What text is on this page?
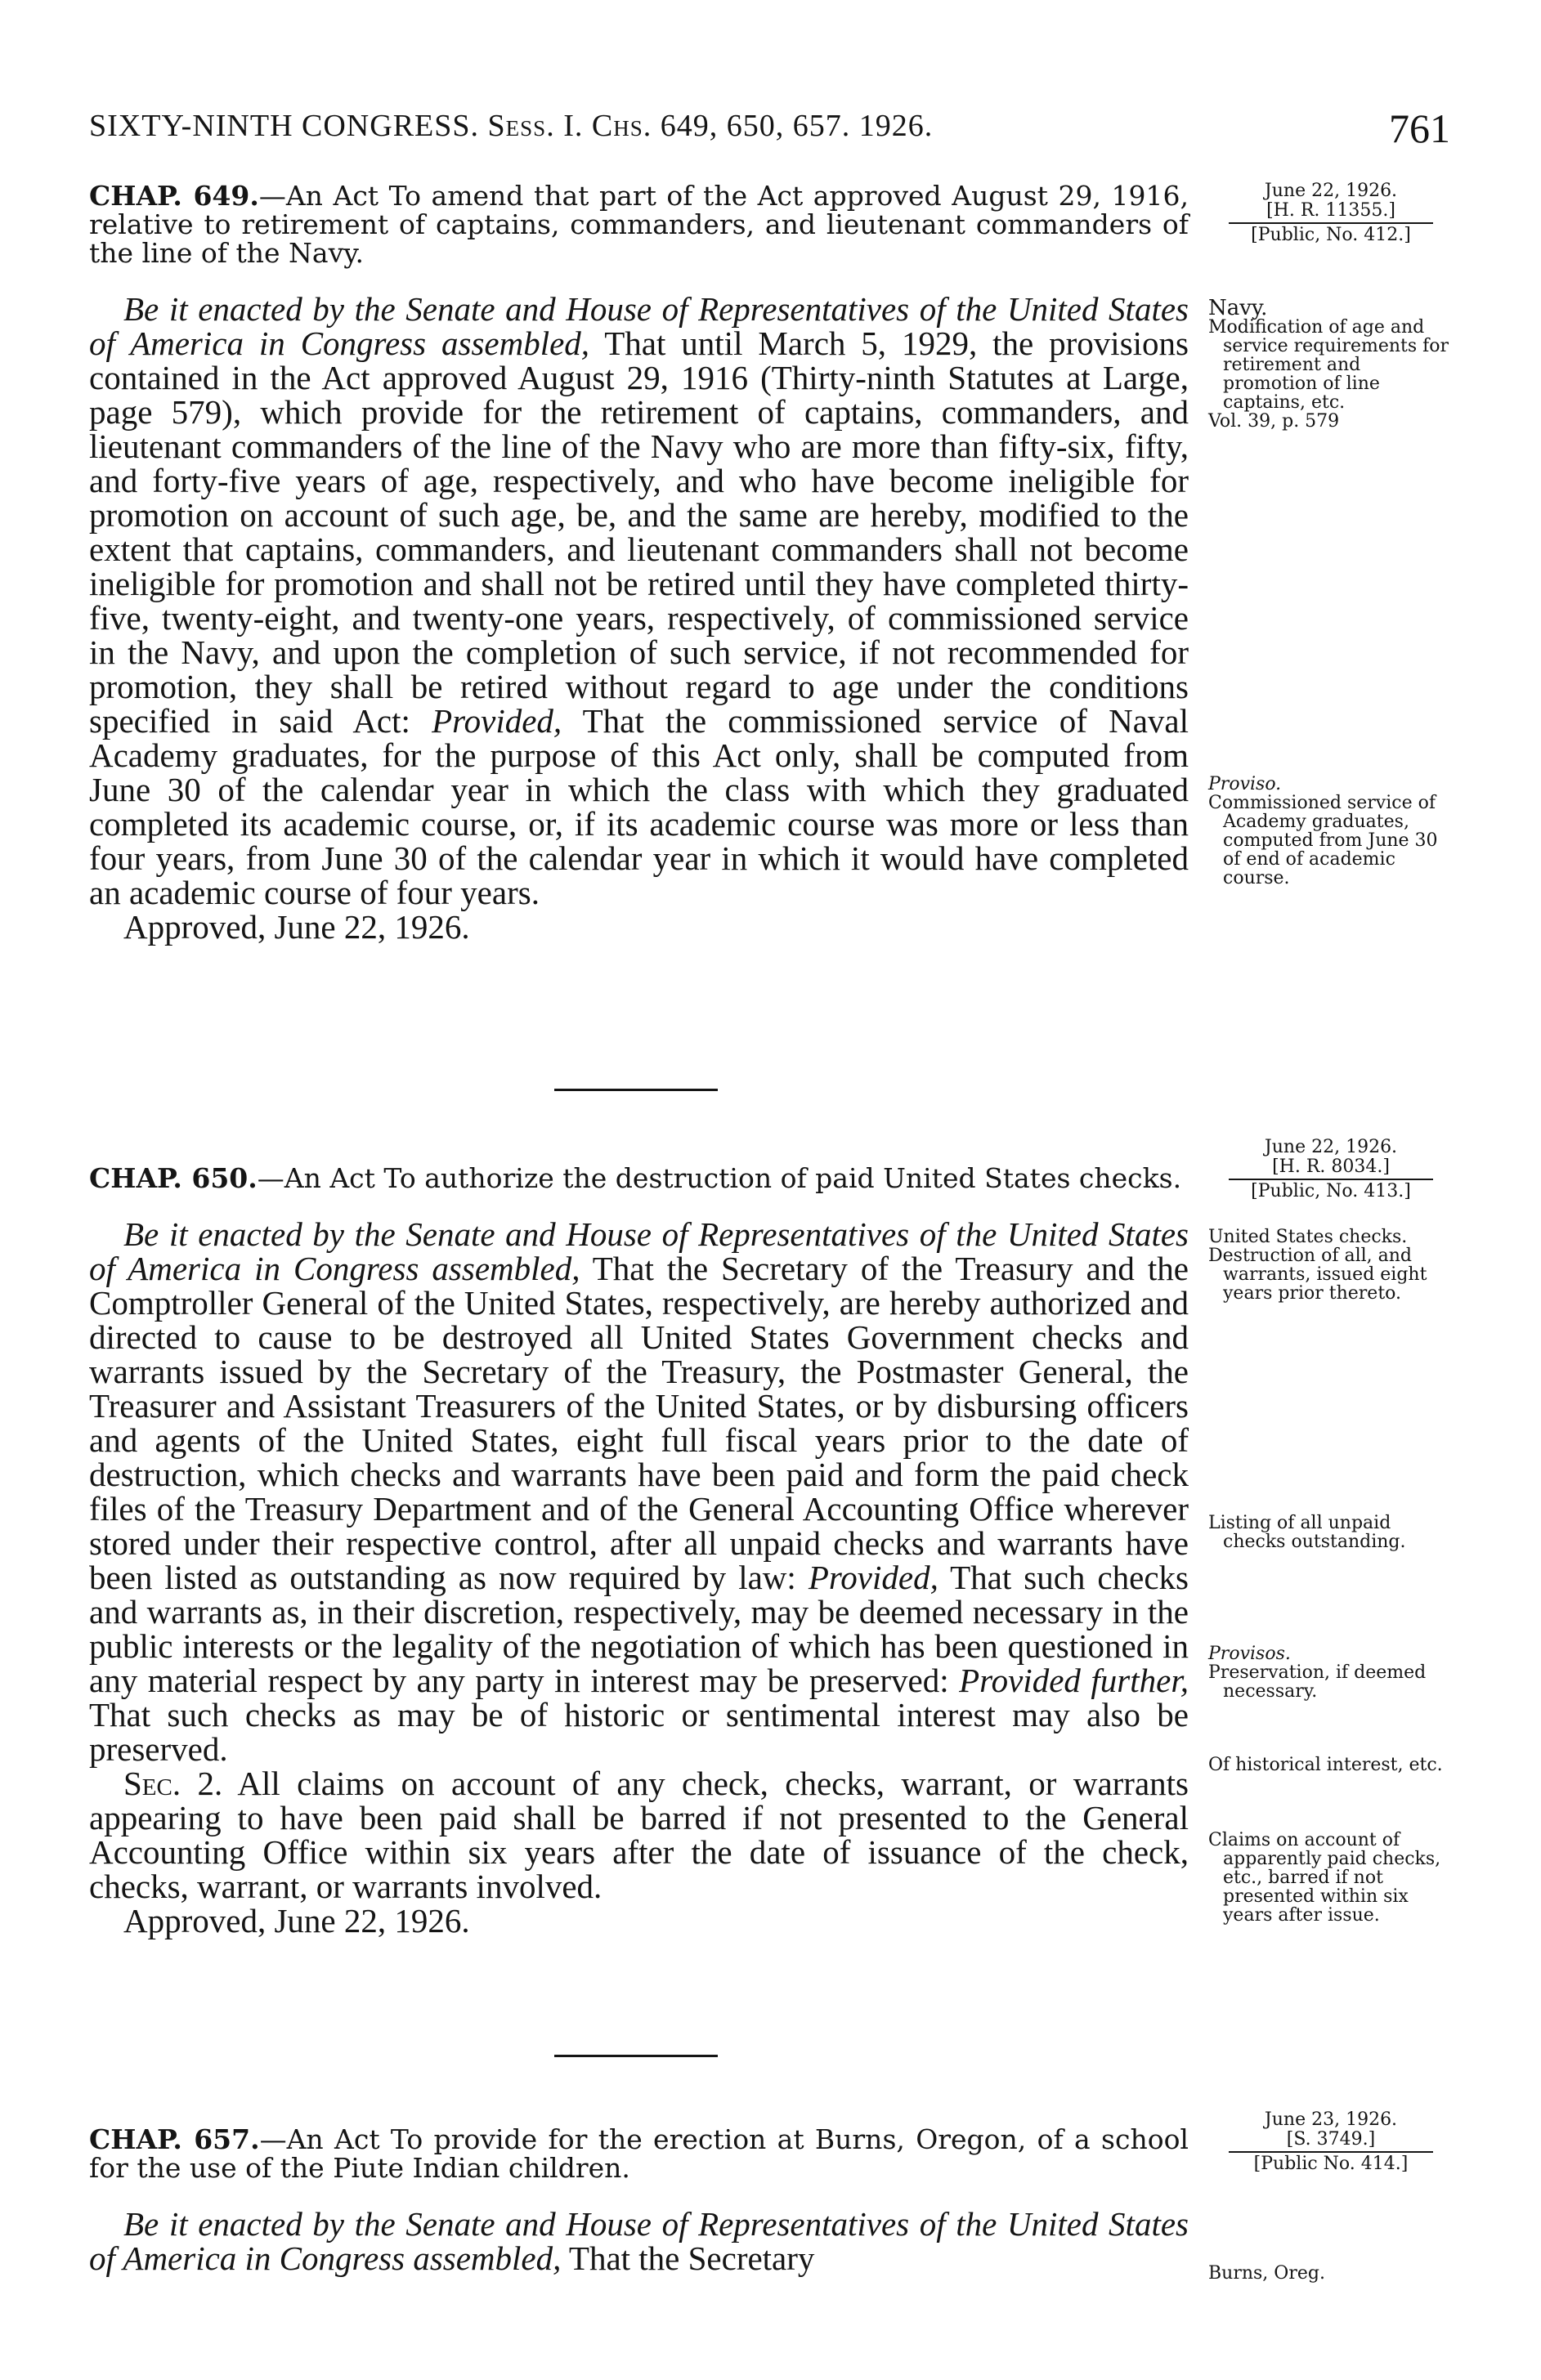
SIXTY-NINTH CONGRESS. Sess. I. Chs. 649, 650, 657. 1926.	761

CHAP. 649.—An Act To amend that part of the Act approved August 29, 1916, relative to retirement of captains, commanders, and lieutenant commanders of the line of the Navy.

Be it enacted by the Senate and House of Representatives of the United States of America in Congress assembled, That until March 5, 1929, the provisions contained in the Act approved August 29, 1916 (Thirty-ninth Statutes at Large, page 579), which provide for the retirement of captains, commanders, and lieutenant commanders of the line of the Navy who are more than fifty-six, fifty, and forty-five years of age, respectively, and who have become ineligible for promotion on account of such age, be, and the same are hereby, modified to the extent that captains, commanders, and lieutenant commanders shall not become ineligible for promotion and shall not be retired until they have completed thirty-five, twenty-eight, and twenty-one years, respectively, of commissioned service in the Navy, and upon the completion of such service, if not recommended for promotion, they shall be retired without regard to age under the conditions specified in said Act: Provided, That the commissioned service of Naval Academy graduates, for the purpose of this Act only, shall be computed from June 30 of the calendar year in which the class with which they graduated completed its academic course, or, if its academic course was more or less than four years, from June 30 of the calendar year in which it would have completed an academic course of four years.

Approved, June 22, 1926.

CHAP. 650.—An Act To authorize the destruction of paid United States checks.

Be it enacted by the Senate and House of Representatives of the United States of America in Congress assembled, That the Secretary of the Treasury and the Comptroller General of the United States, respectively, are hereby authorized and directed to cause to be destroyed all United States Government checks and warrants issued by the Secretary of the Treasury, the Postmaster General, the Treasurer and Assistant Treasurers of the United States, or by disbursing officers and agents of the United States, eight full fiscal years prior to the date of destruction, which checks and warrants have been paid and form the paid check files of the Treasury Department and of the General Accounting Office wherever stored under their respective control, after all unpaid checks and warrants have been listed as outstanding as now required by law: Provided, That such checks and warrants as, in their discretion, respectively, may be deemed necessary in the public interests or the legality of the negotiation of which has been questioned in any material respect by any party in interest may be preserved: Provided further, That such checks as may be of historic or sentimental interest may also be preserved.

Sec. 2. All claims on account of any check, checks, warrant, or warrants appearing to have been paid shall be barred if not presented to the General Accounting Office within six years after the date of issuance of the check, checks, warrant, or warrants involved.

Approved, June 22, 1926.

CHAP. 657.—An Act To provide for the erection at Burns, Oregon, of a school for the use of the Piute Indian children.

Be it enacted by the Senate and House of Representatives of the United States of America in Congress assembled, That the Secretary

June 22, 1926.
[H. R. 11355.]
[Public, No. 412.]
Navy.
Modification of age and service requirements for retirement and promotion of line captains, etc.
Vol. 39, p. 579
Proviso.
Commissioned service of Academy graduates, computed from June 30 of end of academic course.
June 22, 1926.
[H. R. 8034.]
[Public, No. 413.]
United States checks.
Destruction of all, and warrants, issued eight years prior thereto.
Listing of all unpaid checks outstanding.
Provisos.
Preservation, if deemed necessary.
Of historical interest, etc.
Claims on account of apparently paid checks, etc., barred if not presented within six years after issue.
June 23, 1926.
[S. 3749.]
[Public No. 414.]
Burns, Oreg.
